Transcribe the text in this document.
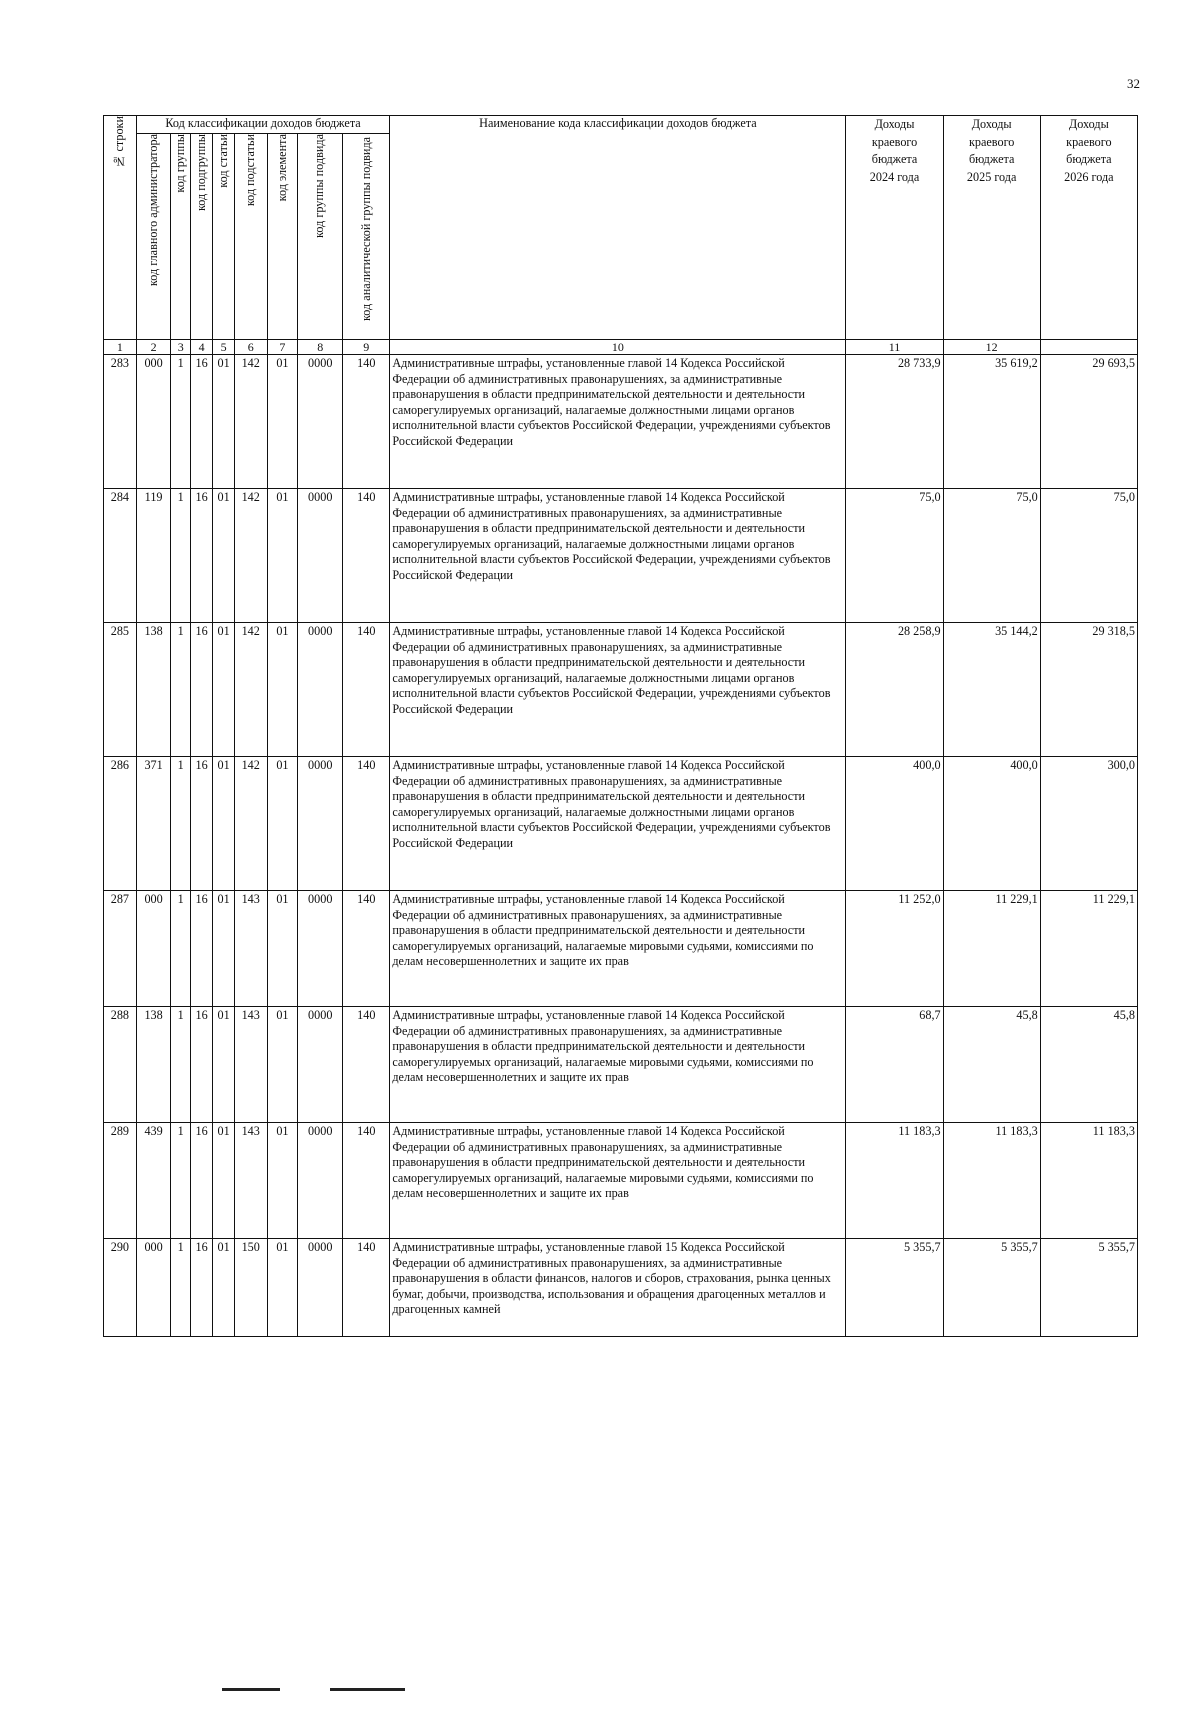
32
№ строки	Код классификации доходов бюджета								Наименование кода классификации доходов бюджета	Доходы
краевого
бюджета
2024 года	Доходы
краевого
бюджета
2025 года	Доходы
краевого
бюджета
2026 года
	код главного администратора	код группы	код подгруппы	код статьи	код подстатьи	код элемента	код группы подвида	код аналитической группы подвида				
1	2	3	4	5	6	7	8	9	10	11	12	
283	000	1	16	01	142	01	0000	140	Административные штрафы, установленные главой 14 Кодекса Российской Федерации об административных правонарушениях, за административные правонарушения в области предпринимательской деятельности и деятельности саморегулируемых организаций, налагаемые должностными лицами органов исполнительной власти субъектов Российской Федерации, учреждениями субъектов Российской Федерации	28 733,9	35 619,2	29 693,5
284	119	1	16	01	142	01	0000	140	Административные штрафы, установленные главой 14 Кодекса Российской Федерации об административных правонарушениях, за административные правонарушения в области предпринимательской деятельности и деятельности саморегулируемых организаций, налагаемые должностными лицами органов исполнительной власти субъектов Российской Федерации, учреждениями субъектов Российской Федерации	75,0	75,0	75,0
285	138	1	16	01	142	01	0000	140	Административные штрафы, установленные главой 14 Кодекса Российской Федерации об административных правонарушениях, за административные правонарушения в области предпринимательской деятельности и деятельности саморегулируемых организаций, налагаемые должностными лицами органов исполнительной власти субъектов Российской Федерации, учреждениями субъектов Российской Федерации	28 258,9	35 144,2	29 318,5
286	371	1	16	01	142	01	0000	140	Административные штрафы, установленные главой 14 Кодекса Российской Федерации об административных правонарушениях, за административные правонарушения в области предпринимательской деятельности и деятельности саморегулируемых организаций, налагаемые должностными лицами органов исполнительной власти субъектов Российской Федерации, учреждениями субъектов Российской Федерации	400,0	400,0	300,0
287	000	1	16	01	143	01	0000	140	Административные штрафы, установленные главой 14 Кодекса Российской Федерации об административных правонарушениях, за административные правонарушения в области предпринимательской деятельности и деятельности саморегулируемых организаций, налагаемые мировыми судьями, комиссиями по делам несовершеннолетних и защите их прав	11 252,0	11 229,1	11 229,1
288	138	1	16	01	143	01	0000	140	Административные штрафы, установленные главой 14 Кодекса Российской Федерации об административных правонарушениях, за административные правонарушения в области предпринимательской деятельности и деятельности саморегулируемых организаций, налагаемые мировыми судьями, комиссиями по делам несовершеннолетних и защите их прав	68,7	45,8	45,8
289	439	1	16	01	143	01	0000	140	Административные штрафы, установленные главой 14 Кодекса Российской Федерации об административных правонарушениях, за административные правонарушения в области предпринимательской деятельности и деятельности саморегулируемых организаций, налагаемые мировыми судьями, комиссиями по делам несовершеннолетних и защите их прав	11 183,3	11 183,3	11 183,3
290	000	1	16	01	150	01	0000	140	Административные штрафы, установленные главой 15 Кодекса Российской Федерации об административных правонарушениях, за административные правонарушения в области финансов, налогов и сборов, страхования, рынка ценных бумаг, добычи, производства, использования и обращения драгоценных металлов и драгоценных камней	5 355,7	5 355,7	5 355,7
